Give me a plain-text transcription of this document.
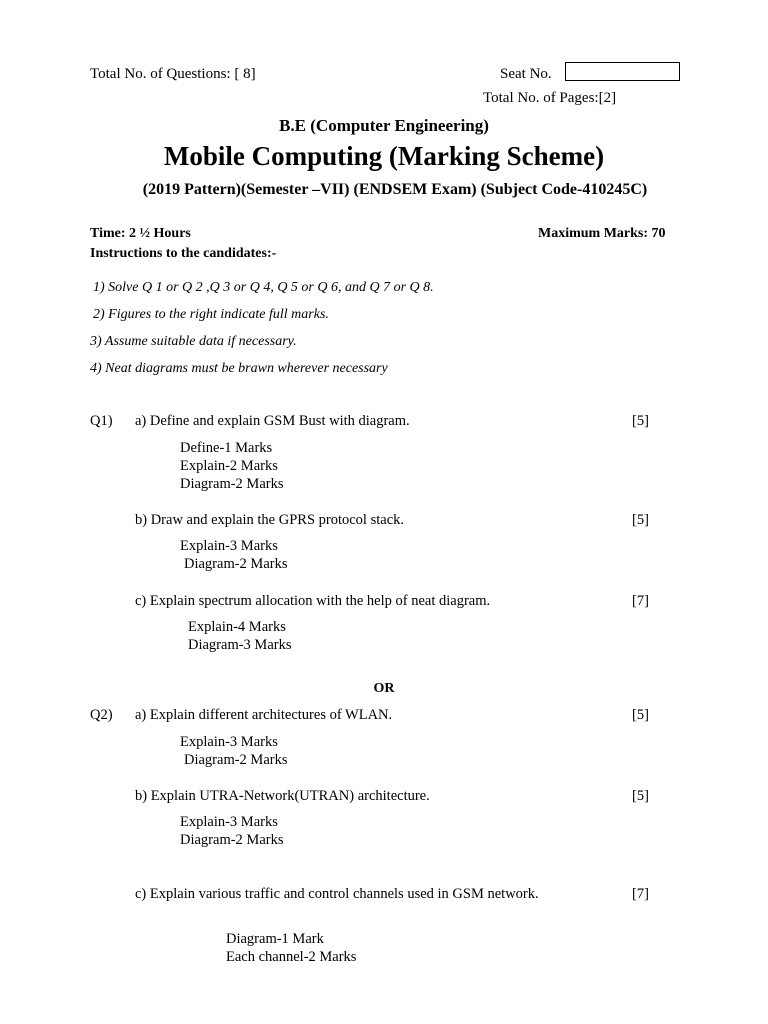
Total No. of Questions: [ 8]	Seat No.
Total No. of Pages:[2]
B.E (Computer Engineering)
Mobile Computing (Marking Scheme)
(2019 Pattern)(Semester –VII) (ENDSEM Exam) (Subject Code-410245C)
Time: 2 ½ Hours	Maximum Marks: 70
Instructions to the candidates:-
1) Solve Q 1 or Q 2 ,Q 3 or Q 4, Q 5 or Q 6, and Q 7 or Q 8.
2) Figures to the right indicate full marks.
3) Assume suitable data if necessary.
4) Neat diagrams must be brawn wherever necessary
Q1) a) Define and explain GSM Bust with diagram.	[5]
Define-1 Marks
Explain-2 Marks
Diagram-2 Marks
b) Draw and explain the GPRS protocol stack.	[5]
Explain-3 Marks
Diagram-2 Marks
c) Explain spectrum allocation with the help of neat diagram.	[7]
Explain-4 Marks
Diagram-3 Marks
OR
Q2) a) Explain different architectures of WLAN.	[5]
Explain-3 Marks
Diagram-2 Marks
b) Explain UTRA-Network(UTRAN) architecture.	[5]
Explain-3 Marks
Diagram-2 Marks
c) Explain various traffic and control channels used in GSM network.	[7]
Diagram-1 Mark
Each channel-2 Marks
